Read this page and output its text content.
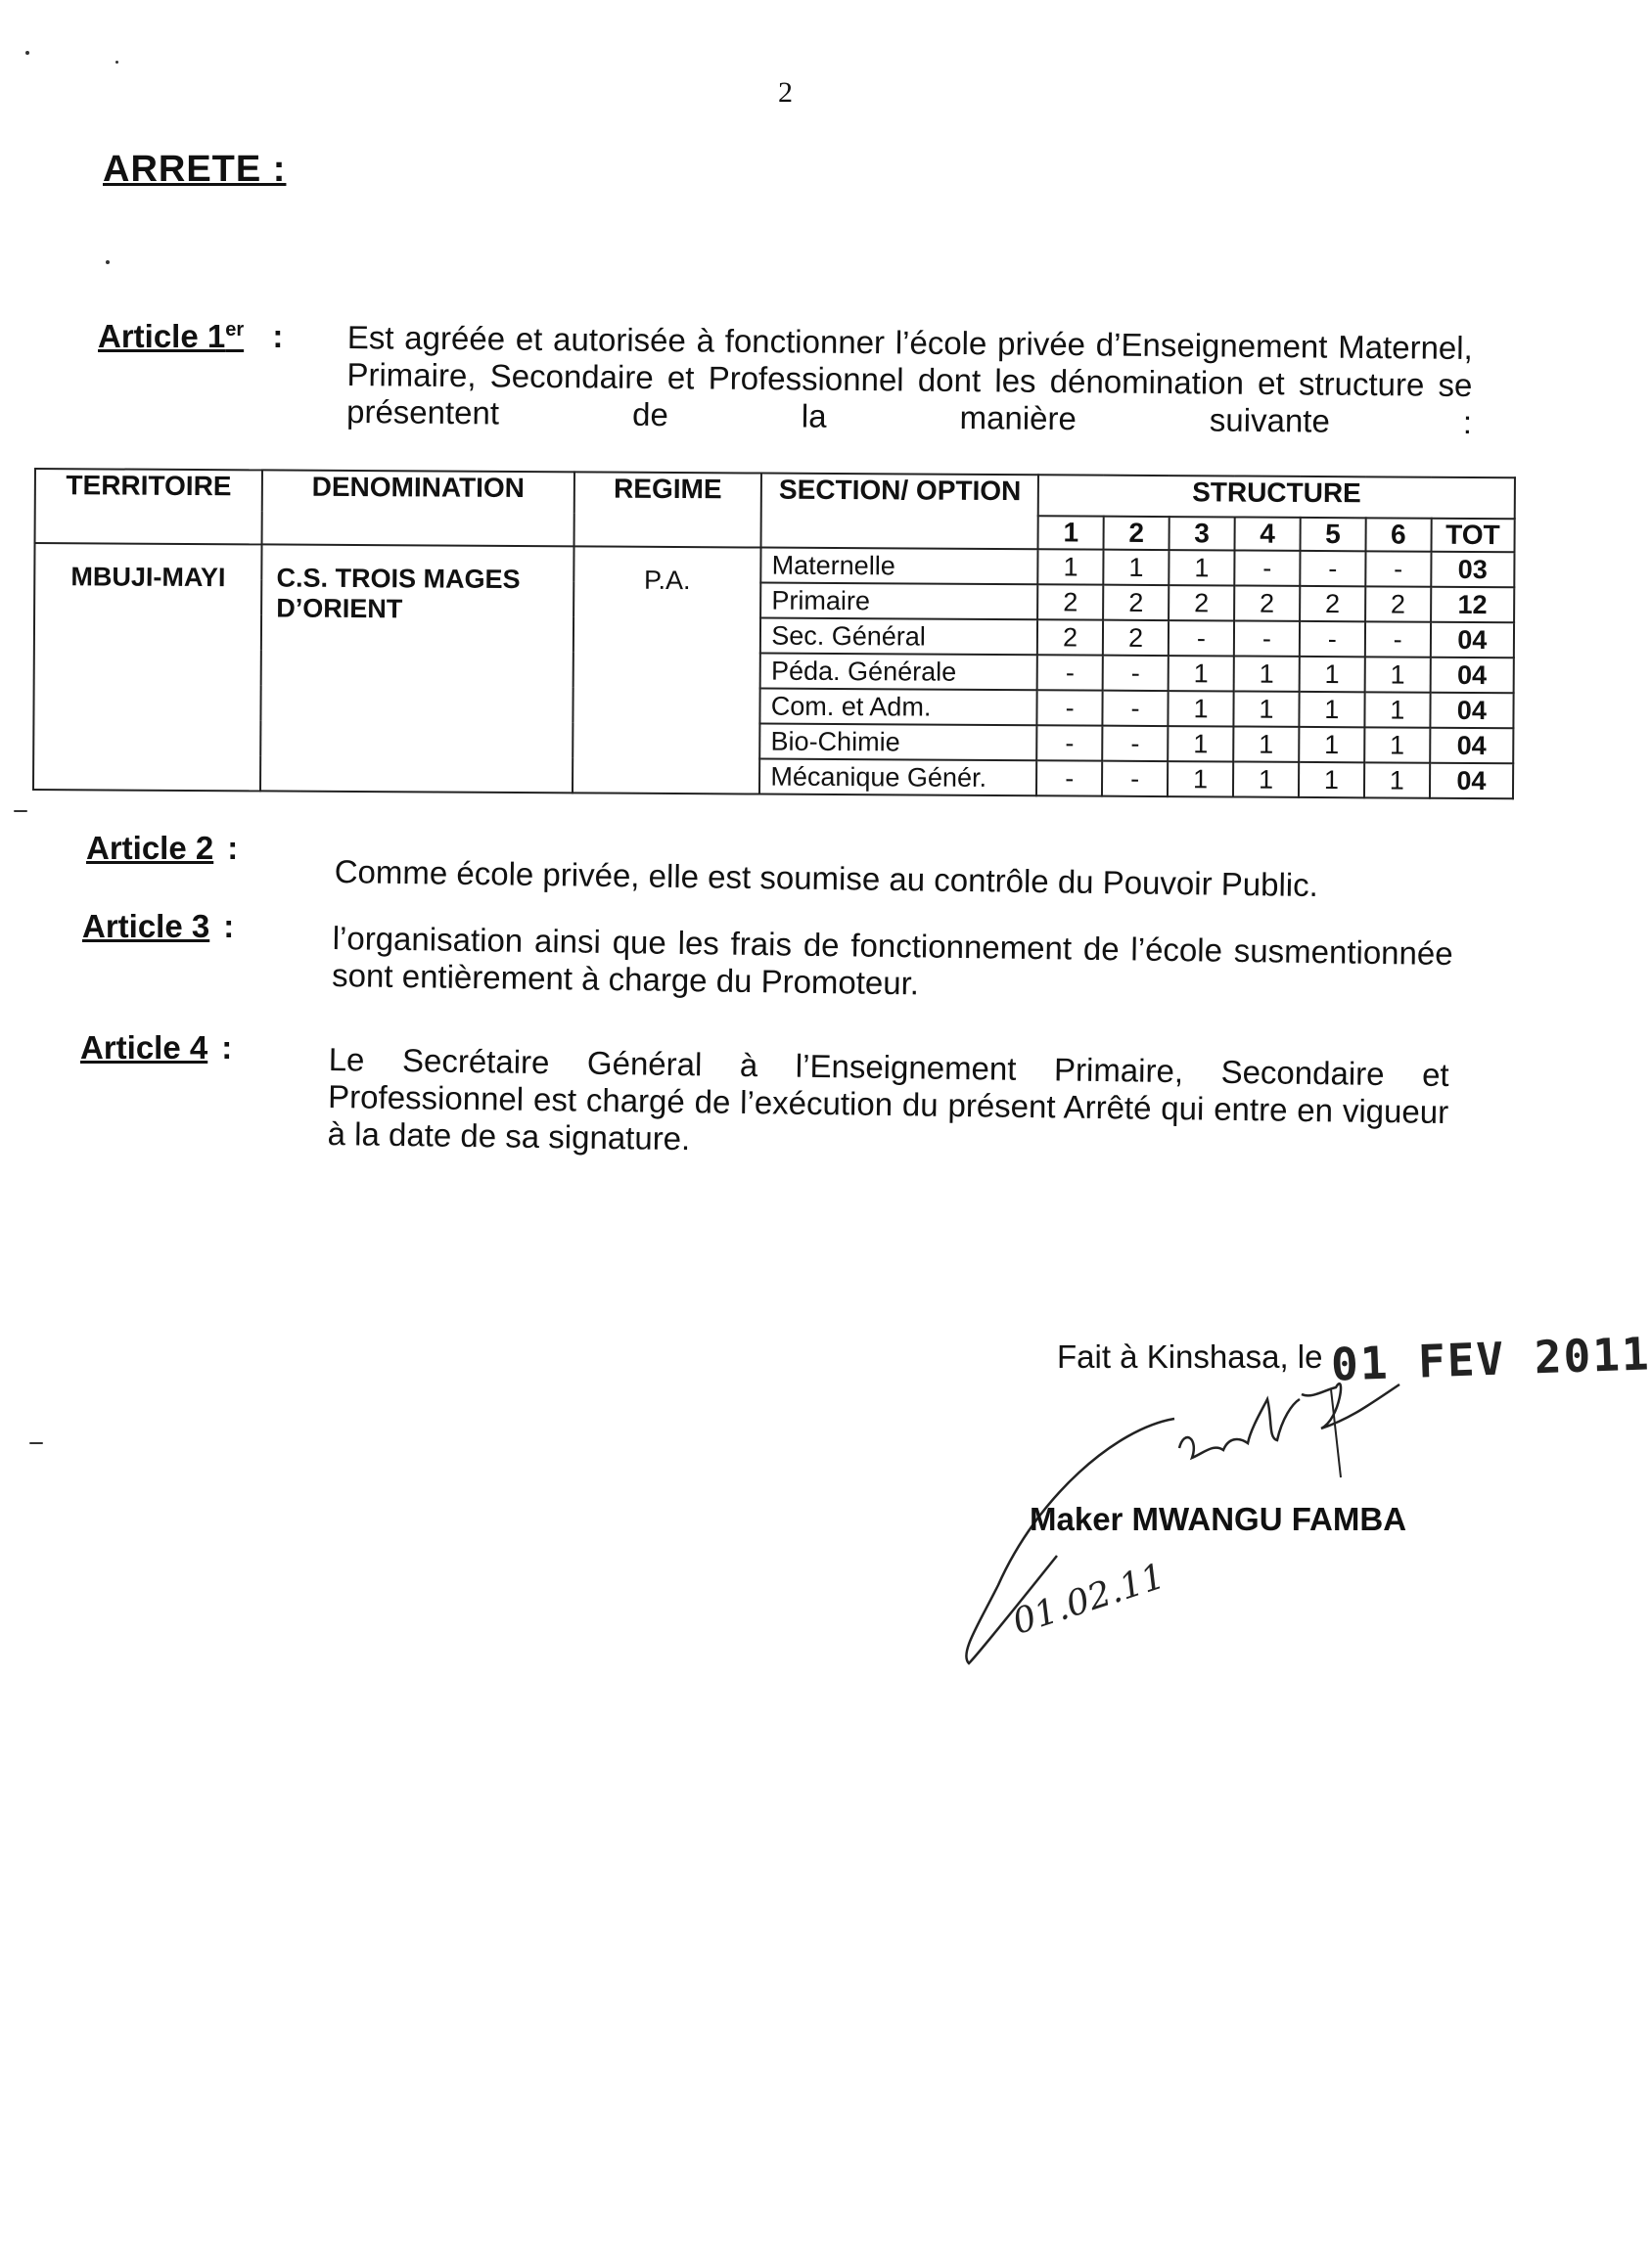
2
ARRETE :
Article 1er : Est agréée et autorisée à fonctionner l’école privée d’Enseignement Maternel, Primaire, Secondaire et Professionnel dont les dénomination et structure se présentent de la manière suivante :
TERRITOIRE	DENOMINATION	REGIME	SECTION/ OPTION	STRUCTURE						
				1	2	3	4	5	6	TOT
MBUJI-MAYI	C.S. TROIS MAGES D’ORIENT	P.A.	Maternelle	1	1	1	-	-	-	03
			Primaire	2	2	2	2	2	2	12
			Sec. Général	2	2	-	-	-	-	04
			Péda. Générale	-	-	1	1	1	1	04
			Com. et Adm.	-	-	1	1	1	1	04
			Bio-Chimie	-	-	1	1	1	1	04
			Mécanique Génér.	-	-	1	1	1	1	04
Article 2 :
Comme école privée, elle est soumise au contrôle du Pouvoir Public.
Article 3 :	l’organisation ainsi que les frais de fonctionnement de l’école susmentionnée sont entièrement à charge du Promoteur.
Article 4 :	Le Secrétaire Général à l’Enseignement Primaire, Secondaire et Professionnel est chargé de l’exécution du présent Arrêté qui entre en vigueur à la date de sa signature.
Fait à Kinshasa, le 01 FEV 2011
Maker MWANGU FAMBA
01.02.11
